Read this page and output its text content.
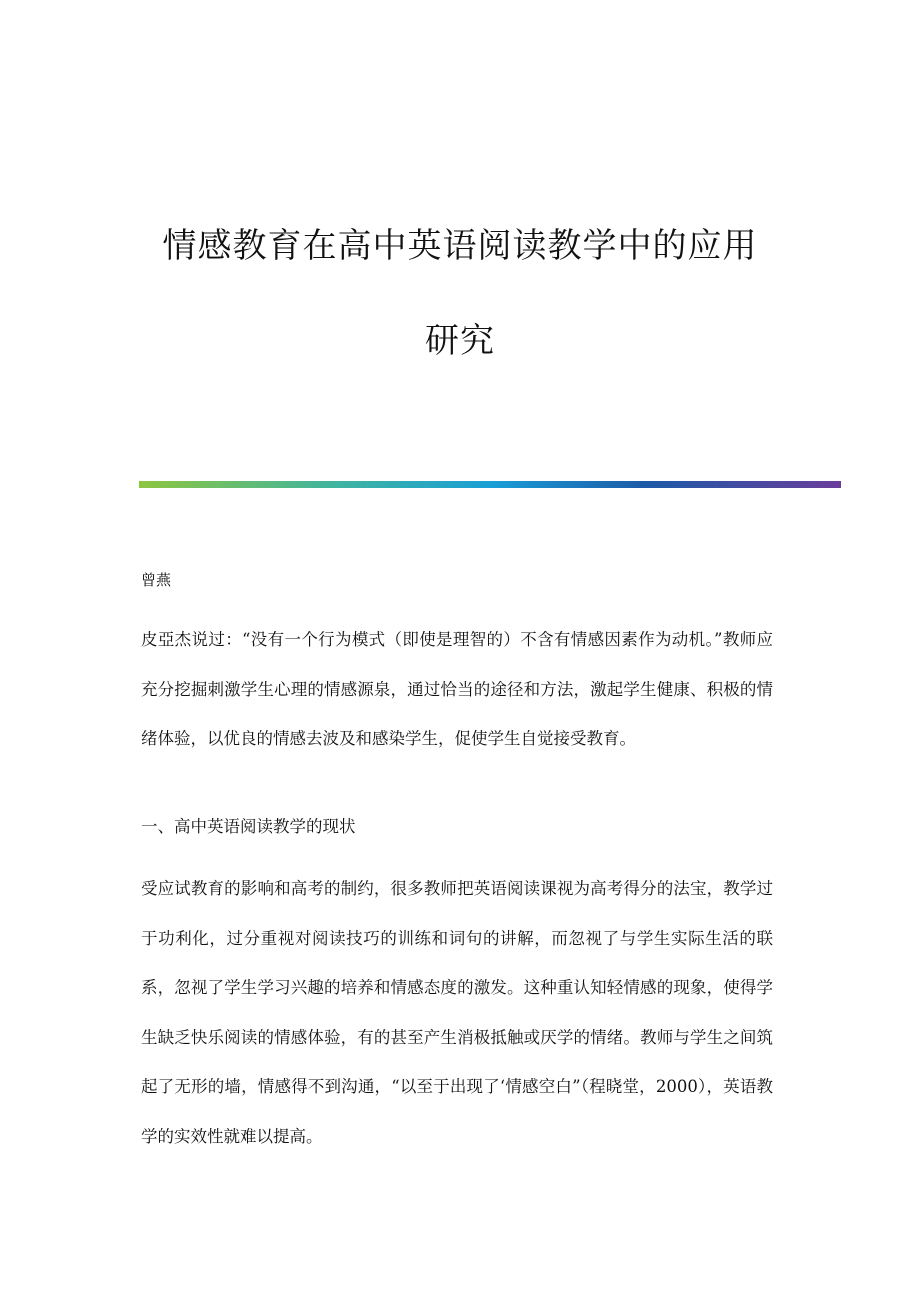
情感教育在高中英语阅读教学中的应用
研究
曾燕

皮亞杰说过：“没有一个行为模式（即使是理智的）不含有情感因素作为动机。”教师应充分挖掘刺激学生心理的情感源泉，通过恰当的途径和方法，激起学生健康、积极的情绪体验，以优良的情感去波及和感染学生，促使学生自觉接受教育。

一、高中英语阅读教学的现状

受应试教育的影响和高考的制约，很多教师把英语阅读课视为高考得分的法宝，教学过于功利化，过分重视对阅读技巧的训练和词句的讲解，而忽视了与学生实际生活的联系，忽视了学生学习兴趣的培养和情感态度的激发。这种重认知轻情感的现象，使得学生缺乏快乐阅读的情感体验，有的甚至产生消极抵触或厌学的情绪。教师与学生之间筑起了无形的墙，情感得不到沟通，“以至于出现了‘情感空白”（程晓堂，2000），英语教学的实效性就难以提高。
